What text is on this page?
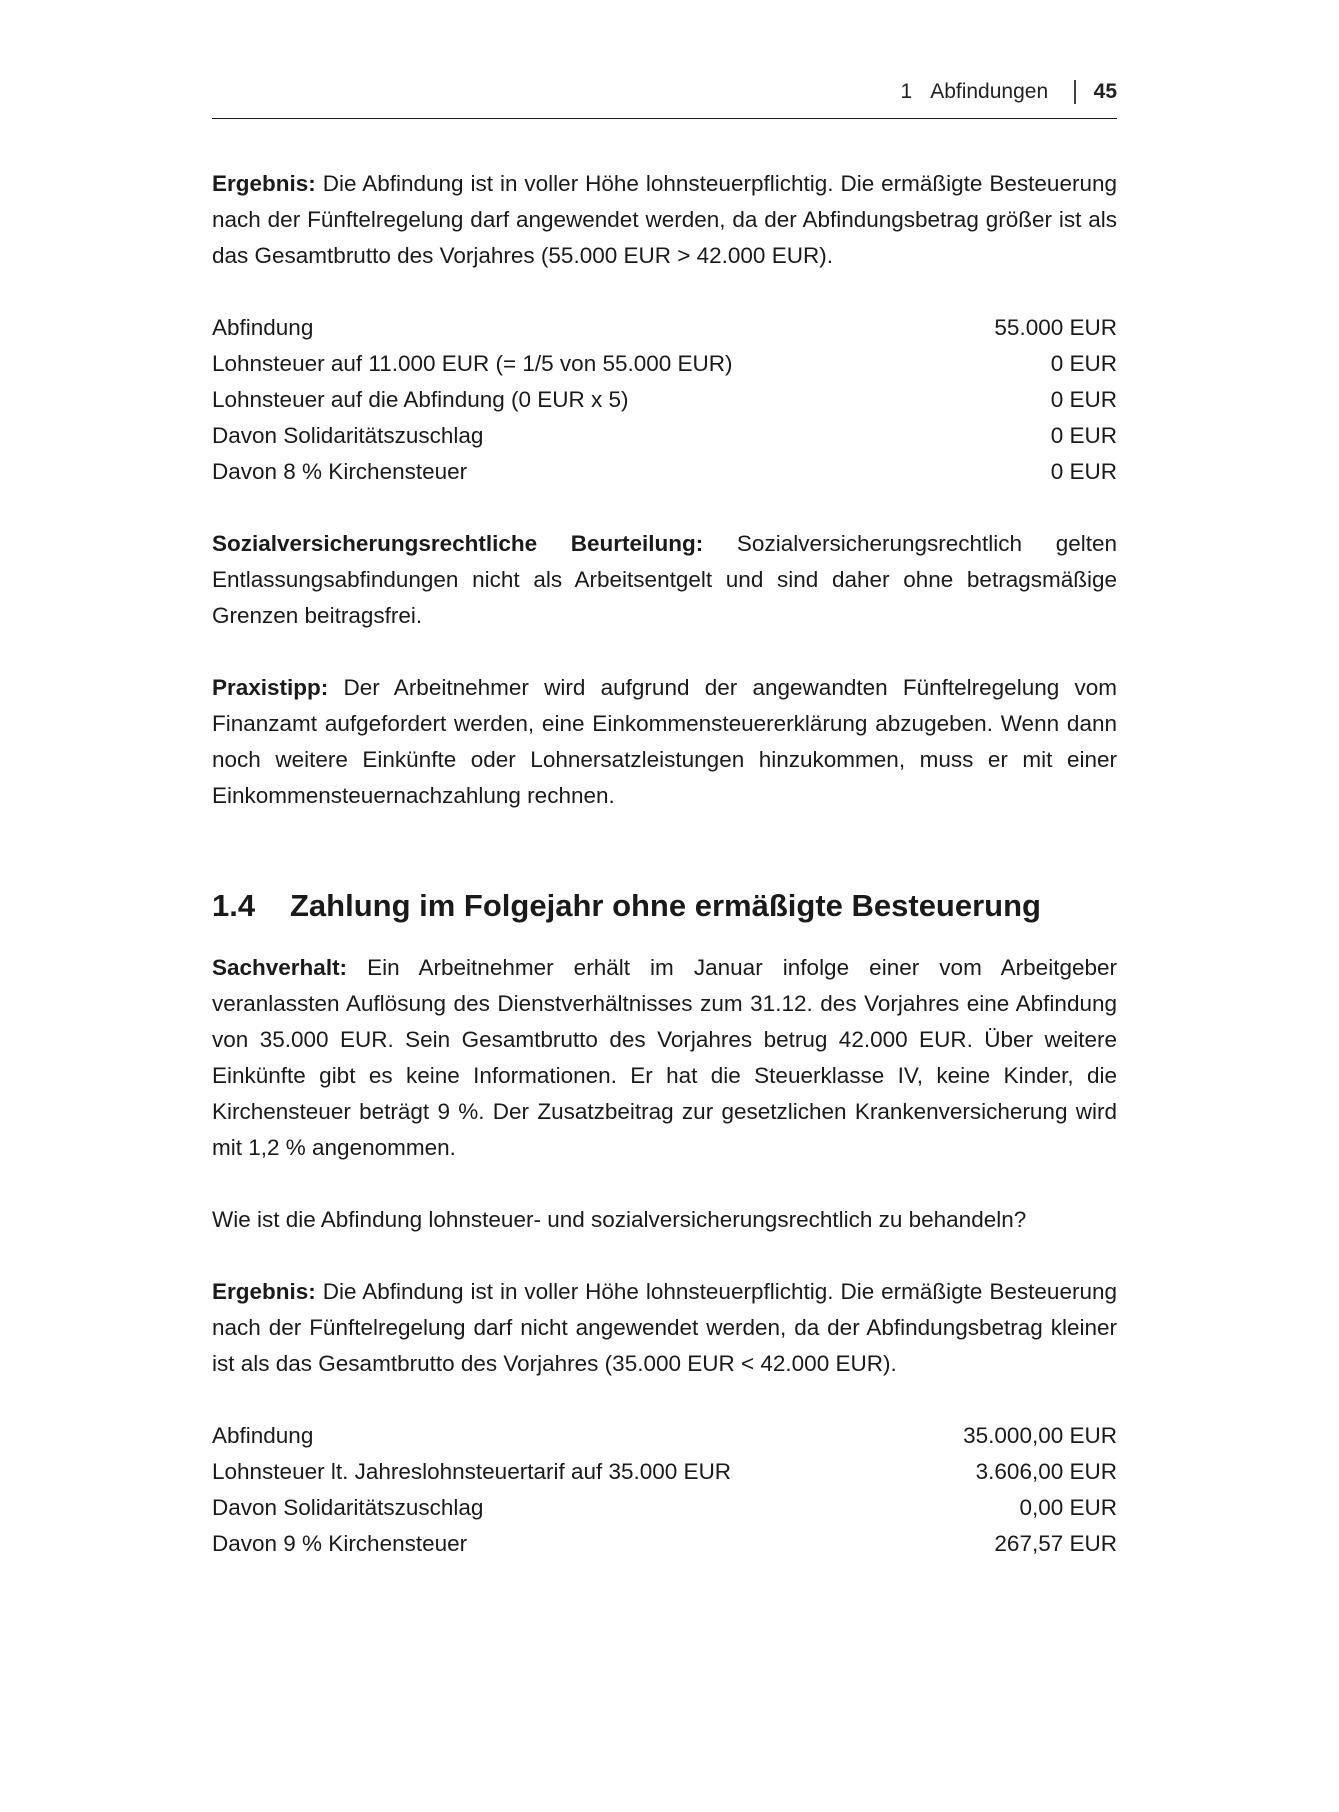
1 Abfindungen 45

Ergebnis: Die Abfindung ist in voller Höhe lohnsteuerpflichtig. Die ermäßigte Besteuerung nach der Fünftelregelung darf angewendet werden, da der Abfindungsbetrag größer ist als das Gesamtbrutto des Vorjahres (55.000 EUR > 42.000 EUR).

Abfindung	55.000 EUR
Lohnsteuer auf 11.000 EUR (= 1/5 von 55.000 EUR)	0 EUR
Lohnsteuer auf die Abfindung (0 EUR x 5)	0 EUR
Davon Solidaritätszuschlag	0 EUR
Davon 8 % Kirchensteuer	0 EUR

Sozialversicherungsrechtliche Beurteilung: Sozialversicherungsrechtlich gelten Entlassungsabfindungen nicht als Arbeitsentgelt und sind daher ohne betragsmäßige Grenzen beitragsfrei.

Praxistipp: Der Arbeitnehmer wird aufgrund der angewandten Fünftelregelung vom Finanzamt aufgefordert werden, eine Einkommensteuererklärung abzugeben. Wenn dann noch weitere Einkünfte oder Lohnersatzleistungen hinzukommen, muss er mit einer Einkommensteuernachzahlung rechnen.

1.4	Zahlung im Folgejahr ohne ermäßigte Besteuerung

Sachverhalt: Ein Arbeitnehmer erhält im Januar infolge einer vom Arbeitgeber veranlassten Auflösung des Dienstverhältnisses zum 31.12. des Vorjahres eine Abfindung von 35.000 EUR. Sein Gesamtbrutto des Vorjahres betrug 42.000 EUR. Über weitere Einkünfte gibt es keine Informationen. Er hat die Steuerklasse IV, keine Kinder, die Kirchensteuer beträgt 9 %. Der Zusatzbeitrag zur gesetzlichen Krankenversicherung wird mit 1,2 % angenommen.

Wie ist die Abfindung lohnsteuer- und sozialversicherungsrechtlich zu behandeln?

Ergebnis: Die Abfindung ist in voller Höhe lohnsteuerpflichtig. Die ermäßigte Besteuerung nach der Fünftelregelung darf nicht angewendet werden, da der Abfindungsbetrag kleiner ist als das Gesamtbrutto des Vorjahres (35.000 EUR < 42.000 EUR).

Abfindung	35.000,00 EUR
Lohnsteuer lt. Jahreslohnsteuertarif auf 35.000 EUR	3.606,00 EUR
Davon Solidaritätszuschlag	0,00 EUR
Davon 9 % Kirchensteuer	267,57 EUR
